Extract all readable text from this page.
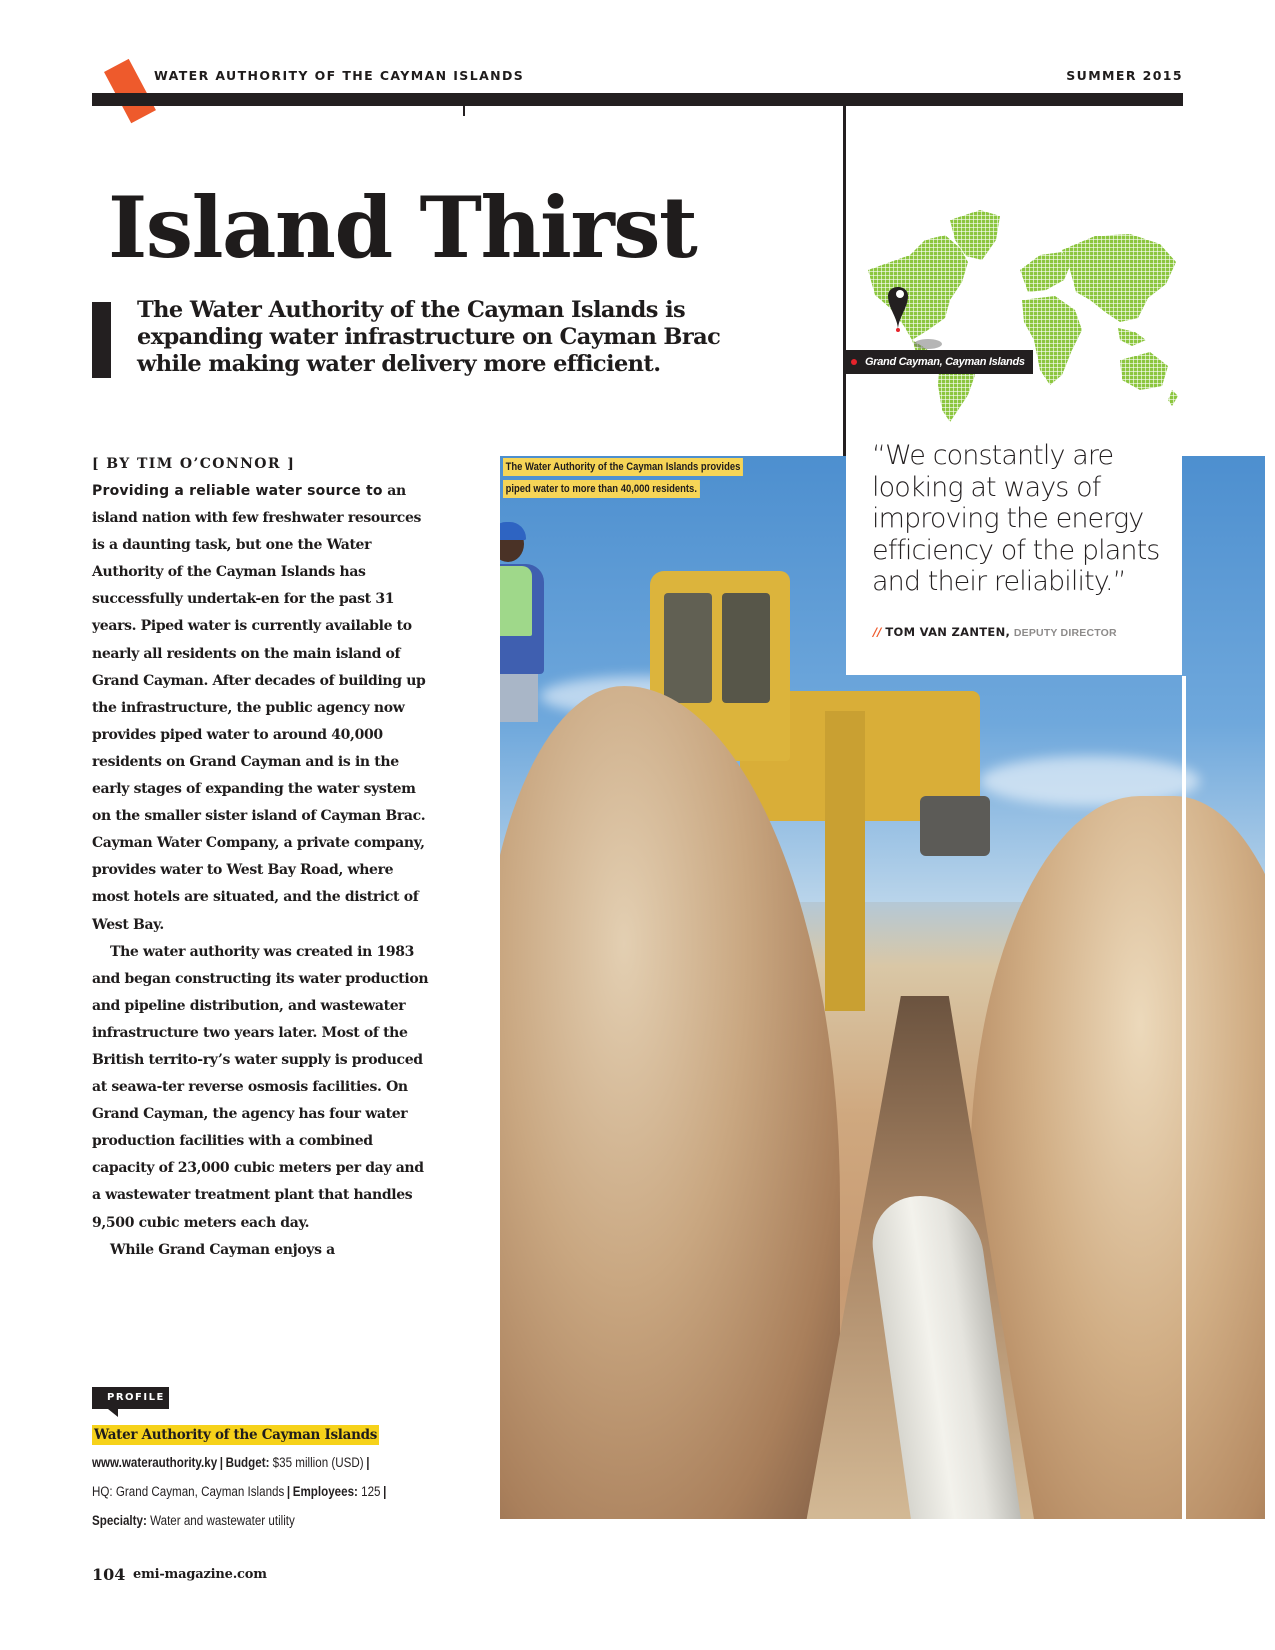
WATER AUTHORITY OF THE CAYMAN ISLANDS	SUMMER 2015
Island Thirst

The Water Authority of the Cayman Islands is expanding water infrastructure on Cayman Brac while making water delivery more efficient.	Grand Cayman, Cayman Islands
[ BY TIM O’CONNOR ]

Providing a reliable water source to an island nation with few freshwater resources is a daunting task, but one the Water Authority of the Cayman Islands has successfully undertak-en for the past 31 years. Piped water is currently available to nearly all residents on the main island of Grand Cayman. After decades of building up the infrastructure, the public agency now provides piped water to around 40,000 residents on Grand Cayman and is in the early stages of expanding the water system on the smaller sister island of Cayman Brac. Cayman Water Company, a private company, provides water to West Bay Road, where most hotels are situated, and the district of West Bay.

The water authority was created in 1983 and began constructing its water production and pipeline distribution, and wastewater infrastructure two years later. Most of the British territo-ry’s water supply is produced at seawa-ter reverse osmosis facilities. On Grand Cayman, the agency has four water production facilities with a combined capacity of 23,000 cubic meters per day and a wastewater treatment plant that handles 9,500 cubic meters each day.

While Grand Cayman enjoys a

The Water Authority of the Cayman Islands provides
piped water to more than 40,000 residents.
“We constantly are looking at ways of improving the energy efficiency of the plants and their reliability.”
// TOM VAN ZANTEN, DEPUTY DIRECTOR
PROFILE
Water Authority of the Cayman Islands
www.waterauthority.ky | Budget: $35 million (USD) |
HQ: Grand Cayman, Cayman Islands | Employees: 125 |
Specialty: Water and wastewater utility
104 emi-magazine.com
